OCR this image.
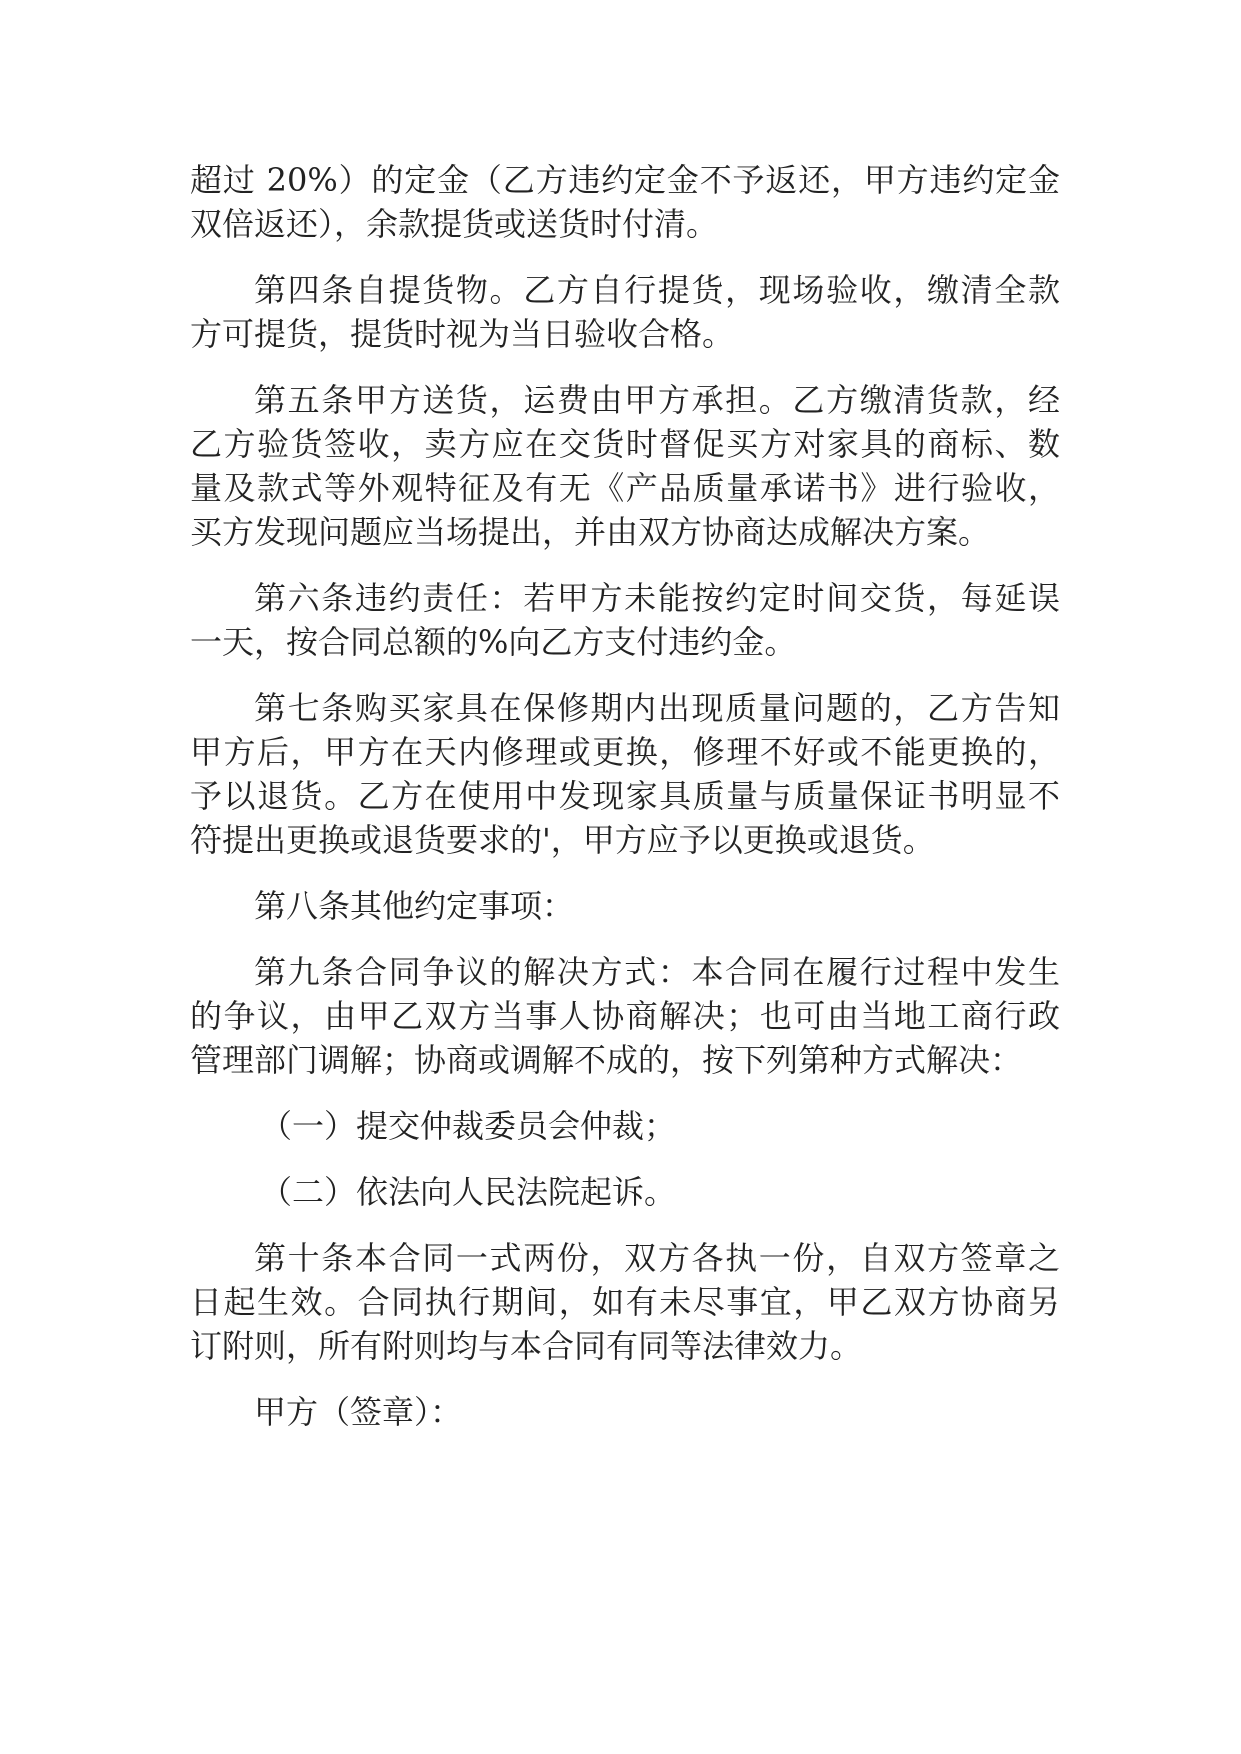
超过 20%）的定金（乙方违约定金不予返还，甲方违约定金
双倍返还），余款提货或送货时付清。
第四条自提货物。乙方自行提货，现场验收，缴清全款
方可提货，提货时视为当日验收合格。
第五条甲方送货，运费由甲方承担。乙方缴清货款，经
乙方验货签收，卖方应在交货时督促买方对家具的商标、数
量及款式等外观特征及有无《产品质量承诺书》进行验收，
买方发现问题应当场提出，并由双方协商达成解决方案。
第六条违约责任：若甲方未能按约定时间交货，每延误
一天，按合同总额的%向乙方支付违约金。
第七条购买家具在保修期内出现质量问题的，乙方告知
甲方后，甲方在天内修理或更换，修理不好或不能更换的，
予以退货。乙方在使用中发现家具质量与质量保证书明显不
符提出更换或退货要求的'，甲方应予以更换或退货。
第八条其他约定事项：
第九条合同争议的解决方式：本合同在履行过程中发生
的争议，由甲乙双方当事人协商解决；也可由当地工商行政
管理部门调解；协商或调解不成的，按下列第种方式解决：
（一）提交仲裁委员会仲裁；
（二）依法向人民法院起诉。
第十条本合同一式两份，双方各执一份，自双方签章之
日起生效。合同执行期间，如有未尽事宜，甲乙双方协商另
订附则，所有附则均与本合同有同等法律效力。
甲方（签章）：
